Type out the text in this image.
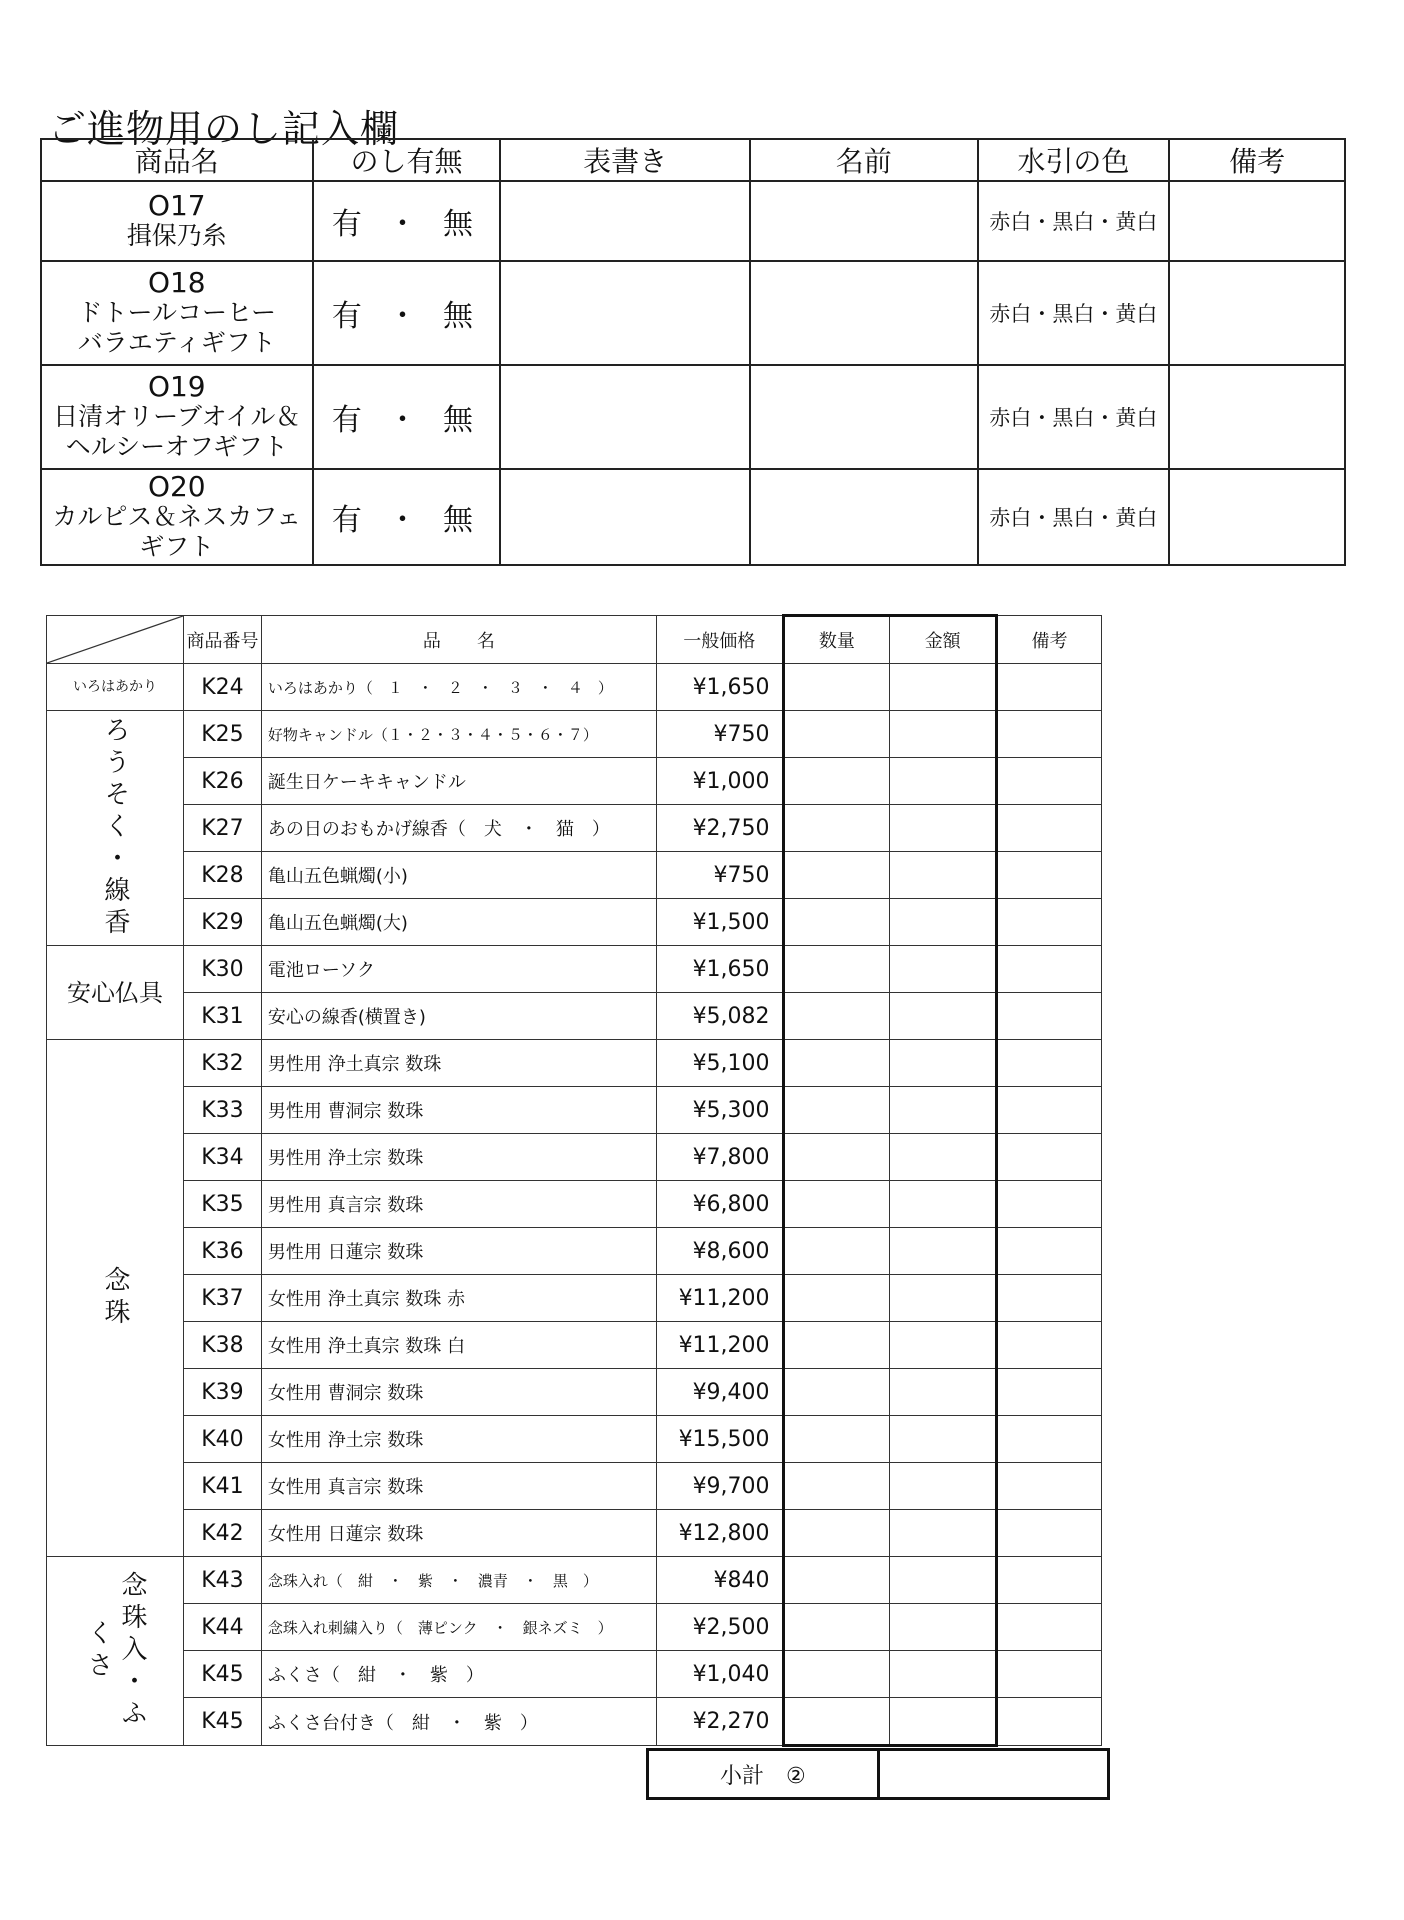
ご進物用のし記入欄
商品名	のし有無	表書き	名前	水引の色	備考

O17
揖保乃糸	有 ・ 無			赤白・黒白・黄白	

O18
ドトールコーヒー
バラエティギフト	有 ・ 無			赤白・黒白・黄白	

O19
日清オリーブオイル＆
ヘルシーオフギフト	有 ・ 無			赤白・黒白・黄白	

O20
カルピス＆ネスカフェ
ギフト	有 ・ 無			赤白・黒白・黄白	
	商品番号	品　　名	一般価格	数量	金額	備考

いろはあかり	K24	いろはあかり（　１　・　２　・　３　・　４　）	¥1,650			

ろうそく・線香	K25	好物キャンドル（１・２・３・４・５・６・７）	¥750			
	K26	誕生日ケーキキャンドル	¥1,000			
	K27	あの日のおもかげ線香（　犬　・　猫　）	¥2,750			
	K28	亀山五色蝋燭(小)	¥750			
	K29	亀山五色蝋燭(大)	¥1,500			

安心仏具	K30	電池ローソク	¥1,650			
	K31	安心の線香(横置き)	¥5,082			

念珠	K32	男性用 浄土真宗 数珠	¥5,100			
	K33	男性用 曹洞宗 数珠	¥5,300			
	K34	男性用 浄土宗 数珠	¥7,800			
	K35	男性用 真言宗 数珠	¥6,800			
	K36	男性用 日蓮宗 数珠	¥8,600			
	K37	女性用 浄土真宗 数珠 赤	¥11,200			
	K38	女性用 浄土真宗 数珠 白	¥11,200			
	K39	女性用 曹洞宗 数珠	¥9,400			
	K40	女性用 浄土宗 数珠	¥15,500			
	K41	女性用 真言宗 数珠	¥9,700			
	K42	女性用 日蓮宗 数珠	¥12,800			

念珠入・ふくさ	K43	念珠入れ（　紺　・　紫　・　濃青　・　黒　）	¥840			
	K44	念珠入れ刺繍入り（　薄ピンク　・　銀ネズミ　）	¥2,500			
	K45	ふくさ（　紺　・　紫　）	¥1,040			
	K45	ふくさ台付き（　紺　・　紫　）	¥2,270			
小計　②	
